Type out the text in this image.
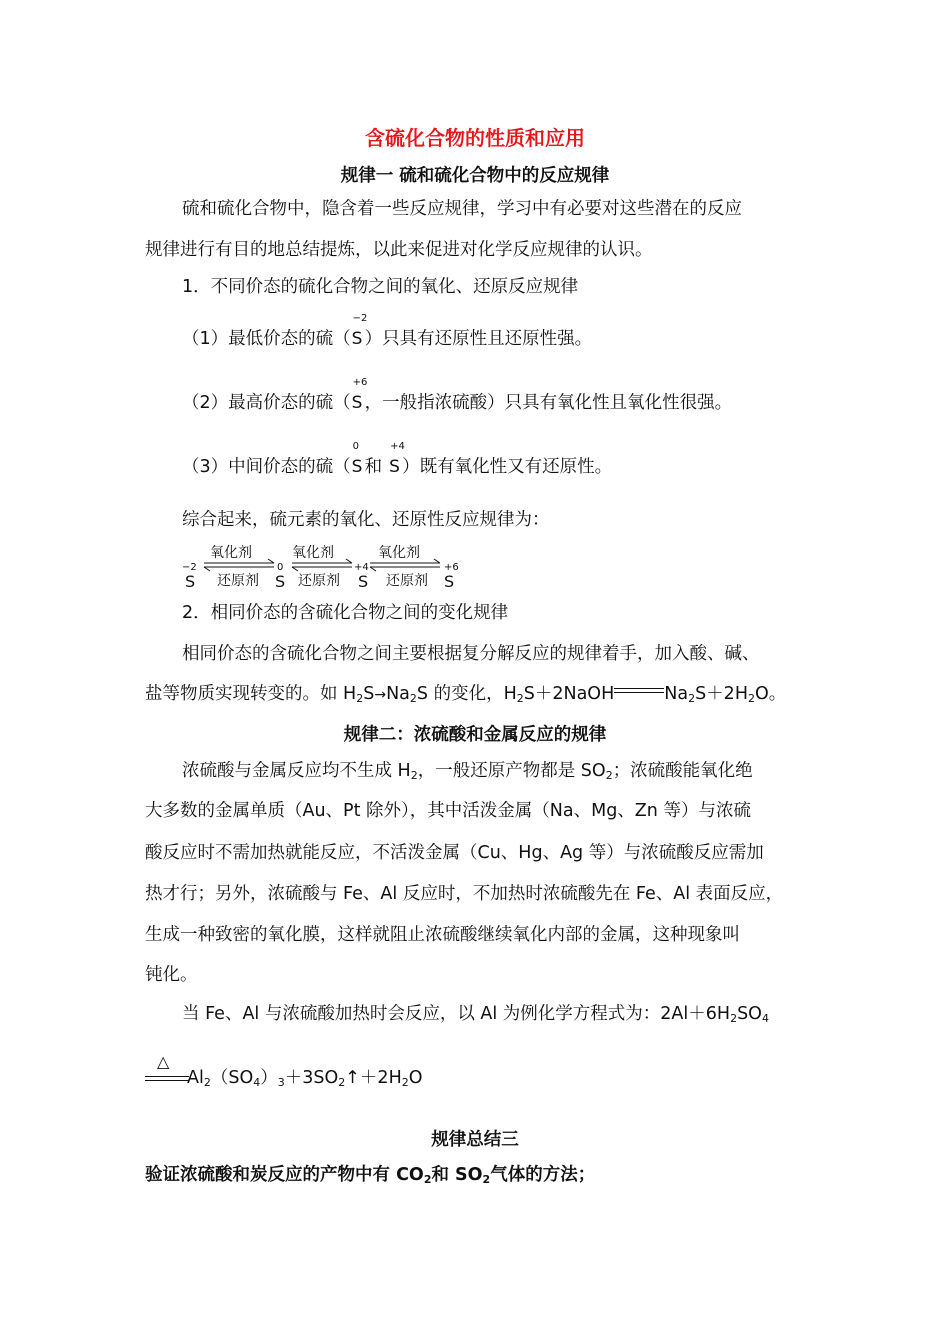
含硫化合物的性质和应用
规律一 硫和硫化合物中的反应规律
硫和硫化合物中，隐含着一些反应规律，学习中有必要对这些潜在的反应
规律进行有目的地总结提炼，以此来促进对化学反应规律的认识。
1．不同价态的硫化合物之间的氧化、还原反应规律
（1）最低价态的硫（
−2
S ）只具有还原性且还原性强。
（2）最高价态的硫（
+6
S ，一般指浓硫酸）只具有氧化性且氧化性很强。
（3）中间价态的硫（
0
S 和
+4
S ）既有氧化性又有还原性。
综合起来，硫元素的氧化、还原性反应规律为：
−2
S
0
S
+4
S
+6
S
氧化剂
还原剂
氧化剂
还原剂
氧化剂
还原剂
2．相同价态的含硫化合物之间的变化规律
相同价态的含硫化合物之间主要根据复分解反应的规律着手，加入酸、碱、
盐等物质实现转变的。如 $H_2S\to Na_2S$ 的变化，$H_2S+2NaOH$	$Na_2S+2H_2O$。
规律二：浓硫酸和金属反应的规律
浓硫酸与金属反应均不生成 $H_2$，一般还原产物都是 $SO_2$；浓硫酸能氧化绝
大多数的金属单质（Au、Pt 除外），其中活泼金属（Na、Mg、Zn 等）与浓硫
酸反应时不需加热就能反应，不活泼金属（Cu、Hg、Ag 等）与浓硫酸反应需加
热才行；另外，浓硫酸与 Fe、Al 反应时，不加热时浓硫酸先在 Fe、Al 表面反应，
生成一种致密的氧化膜，这样就阻止浓硫酸继续氧化内部的金属，这种现象叫
钝化。
当 Fe、Al 与浓硫酸加热时会反应，以 Al 为例化学方程式为：$2Al+6H_2SO_4$
△
$Al_2(SO_4)_3+3SO_2↑+2H_2O$
规律总结三
验证浓硫酸和炭反应的产物中有 $CO_2$和 $SO_2$气体的方法；
